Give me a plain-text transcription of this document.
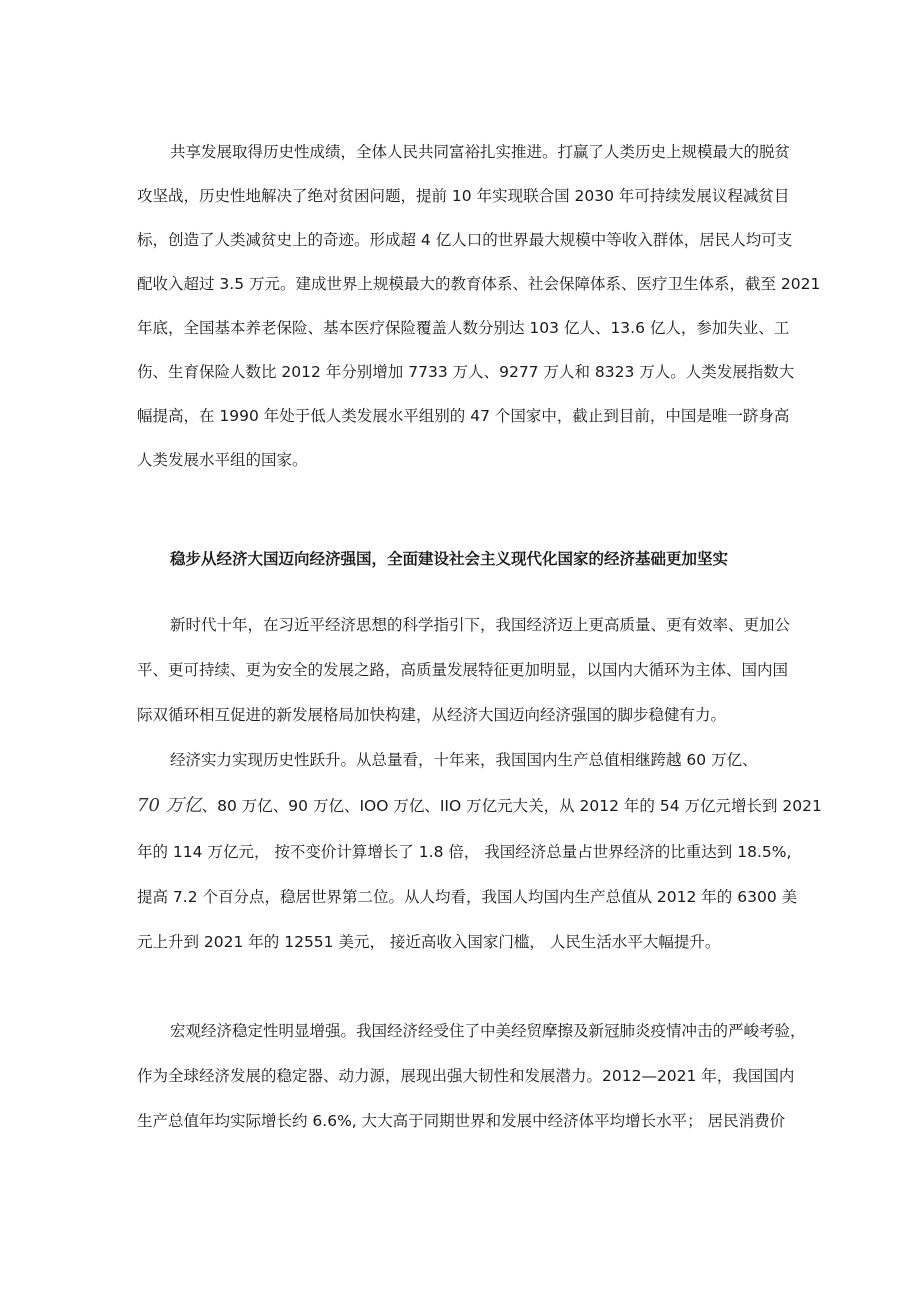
共享发展取得历史性成绩，全体人民共同富裕扎实推进。打赢了人类历史上规模最大的脱贫
攻坚战，历史性地解决了绝对贫困问题，提前 10 年实现联合国 2030 年可持续发展议程减贫目
标，创造了人类减贫史上的奇迹。形成超 4 亿人口的世界最大规模中等收入群体，居民人均可支
配收入超过 3.5 万元。建成世界上规模最大的教育体系、社会保障体系、医疗卫生体系，截至 2021
年底，全国基本养老保险、基本医疗保险覆盖人数分别达 103 亿人、13.6 亿人，参加失业、工
伤、生育保险人数比 2012 年分别增加 7733 万人、9277 万人和 8323 万人。人类发展指数大
幅提高，在 1990 年处于低人类发展水平组别的 47 个国家中，截止到目前，中国是唯一跻身高
人类发展水平组的国家。
稳步从经济大国迈向经济强国，全面建设社会主义现代化国家的经济基础更加坚实
新时代十年，在习近平经济思想的科学指引下，我国经济迈上更高质量、更有效率、更加公
平、更可持续、更为安全的发展之路，高质量发展特征更加明显，以国内大循环为主体、国内国
际双循环相互促进的新发展格局加快构建，从经济大国迈向经济强国的脚步稳健有力。
经济实力实现历史性跃升。从总量看，十年来，我国国内生产总值相继跨越 60 万亿、
70 万亿、80 万亿、90 万亿、IOO 万亿、IIO 万亿元大关，从 2012 年的 54 万亿元增长到 2021
年的 114 万亿元， 按不变价计算增长了 1.8 倍， 我国经济总量占世界经济的比重达到 18.5%,
提高 7.2 个百分点，稳居世界第二位。从人均看，我国人均国内生产总值从 2012 年的 6300 美
元上升到 2021 年的 12551 美元， 接近高收入国家门槛， 人民生活水平大幅提升。
宏观经济稳定性明显增强。我国经济经受住了中美经贸摩擦及新冠肺炎疫情冲击的严峻考验，
作为全球经济发展的稳定器、动力源，展现出强大韧性和发展潜力。2012—2021 年，我国国内
生产总值年均实际增长约 6.6%, 大大高于同期世界和发展中经济体平均增长水平； 居民消费价
